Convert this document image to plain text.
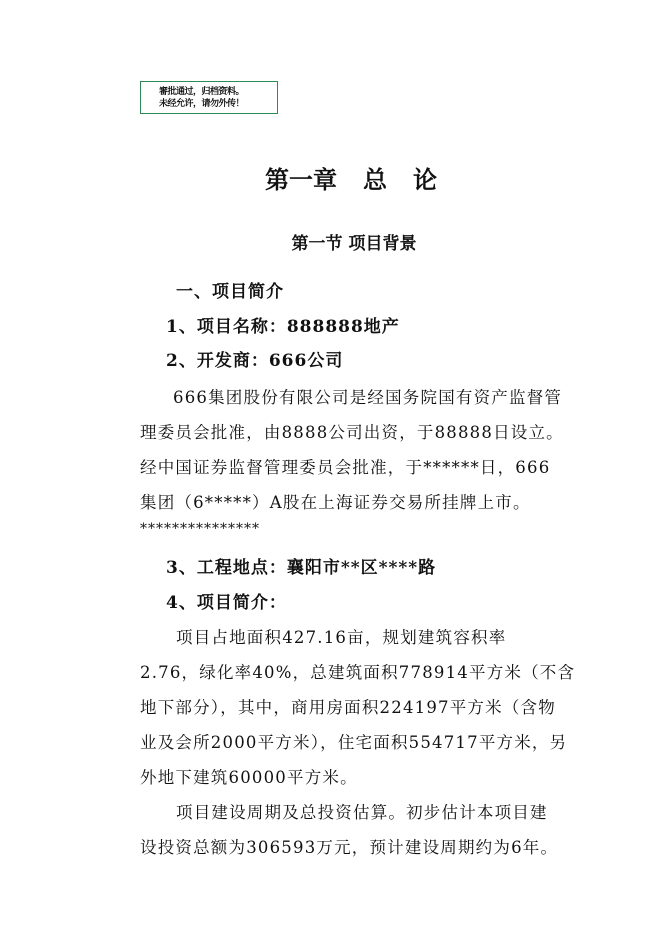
審批通过，归档资料。
未经允许，请勿外传！
第一章 总 论
第一节 项目背景
一、项目简介
1、项目名称：888888地产
2、开发商：666公司
666集团股份有限公司是经国务院国有资产监督管
理委员会批准，由8888公司出资，于88888日设立。
经中国证券监督管理委员会批准，于******日，666
集团（6*****）A股在上海证券交易所挂牌上市。
***************
3、工程地点：襄阳市**区****路
4、项目简介：
项目占地面积427.16亩，规划建筑容积率
2.76，绿化率40%，总建筑面积778914平方米（不含
地下部分），其中，商用房面积224197平方米（含物
业及会所2000平方米），住宅面积554717平方米，另
外地下建筑60000平方米。
项目建设周期及总投资估算。初步估计本项目建
设投资总额为306593万元，预计建设周期约为6年。
